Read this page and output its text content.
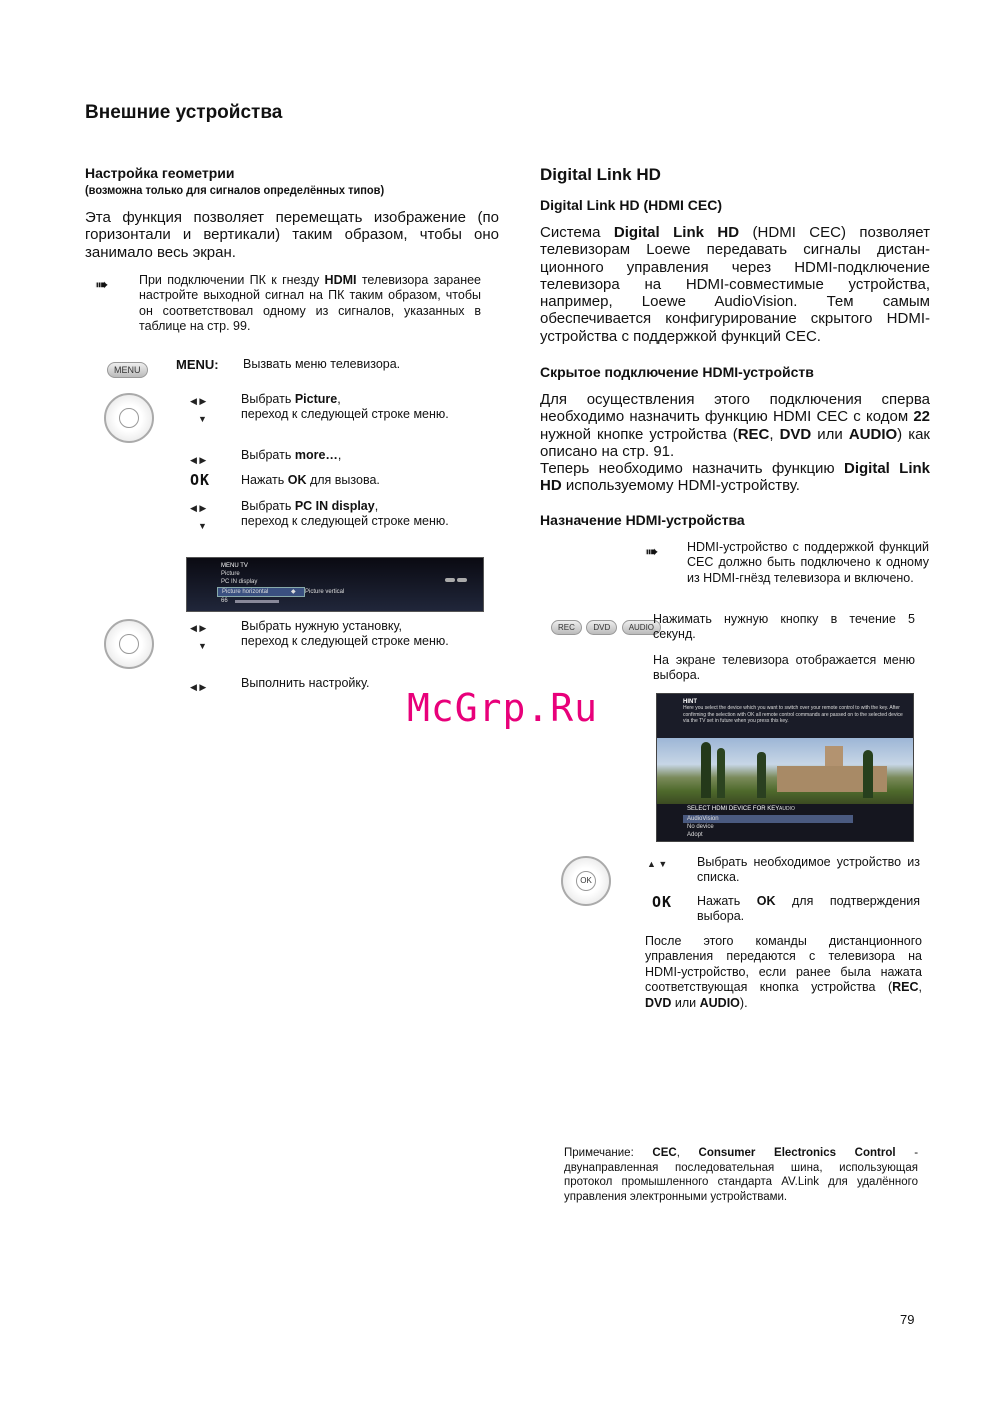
Внешние устройства
Настройка геометрии
(возможна только для сигналов определённых типов)
Эта функция позволяет перемещать изображение (по горизонтали и вертикали) таким образом, чтобы оно занимало весь экран.
➠ При подключении ПК к гнезду HDMI телевизора заранее настройте выходной сигнал на ПК таким образом, чтобы он соответствовал одному из сигналов, указанных в таблице на стр. 99.
MENU	MENU: Вызвать меню телевизора.
◀ ▶
▼
Выбрать Picture,
переход к следующей строке меню.
◀ ▶	Выбрать more…,
OK Нажать OK для вызова.
◀ ▶
▼
Выбрать PC IN display,
переход к следующей строке меню.
MENU TV
Picture
PC IN display
Picture horizontal	◆ Picture vertical
66
◀ ▶
▼
Выбрать нужную установку,
переход к следующей строке меню.
◀ ▶	Выполнить настройку.
McGrp.Ru
Digital Link HD
Digital Link HD (HDMI CEC)
Система Digital Link HD (HDMI CEC) позволяет телевизорам Loewe передавать сигналы дистан-ционного управления через HDMI-подключение телевизора на HDMI-совместимые устройства, например, Loewe AudioVision. Тем самым обеспечивается конфигурирование скрытого HDMI-устройства с поддержкой функций CEC.
Скрытое подключение HDMI-устройств
Для осуществления этого подключения сперва необходимо назначить функцию HDMI CEC с кодом 22 нужной кнопке устройства (REC, DVD или AUDIO) как описано на стр. 91.
Теперь необходимо назначить функцию Digital Link HD используемому HDMI-устройству.
Назначение HDMI-устройства
➠ HDMI-устройство с поддержкой функций CEC должно быть подключено к одному из HDMI-гнёзд телевизора и включено.
REC DVD AUDIO
Нажимать нужную кнопку в течение 5 секунд.
На экране телевизора отображается меню выбора.
HINT
Here you select the device which you want to switch over your remote control to with the key. After confirming the selection with OK all remote control commands are passed on to the selected device via the TV set in future when you press this key.
SELECT HDMI DEVICE FOR KEY AUDIO
AudioVision
No device
Adopt
OK
▲ ▼ Выбрать необходимое устройство из списка.
OK Нажать OK для подтверждения выбора.
После этого команды дистанционного управления передаются с телевизора на HDMI-устройство, если ранее была нажата соответствующая кнопка устройства (REC, DVD или AUDIO).
Примечание: CEC, Consumer Electronics Control - двунаправленная последовательная шина, использующая протокол промышленного стандарта AV.Link для удалённого управления электронными устройствами.
79
